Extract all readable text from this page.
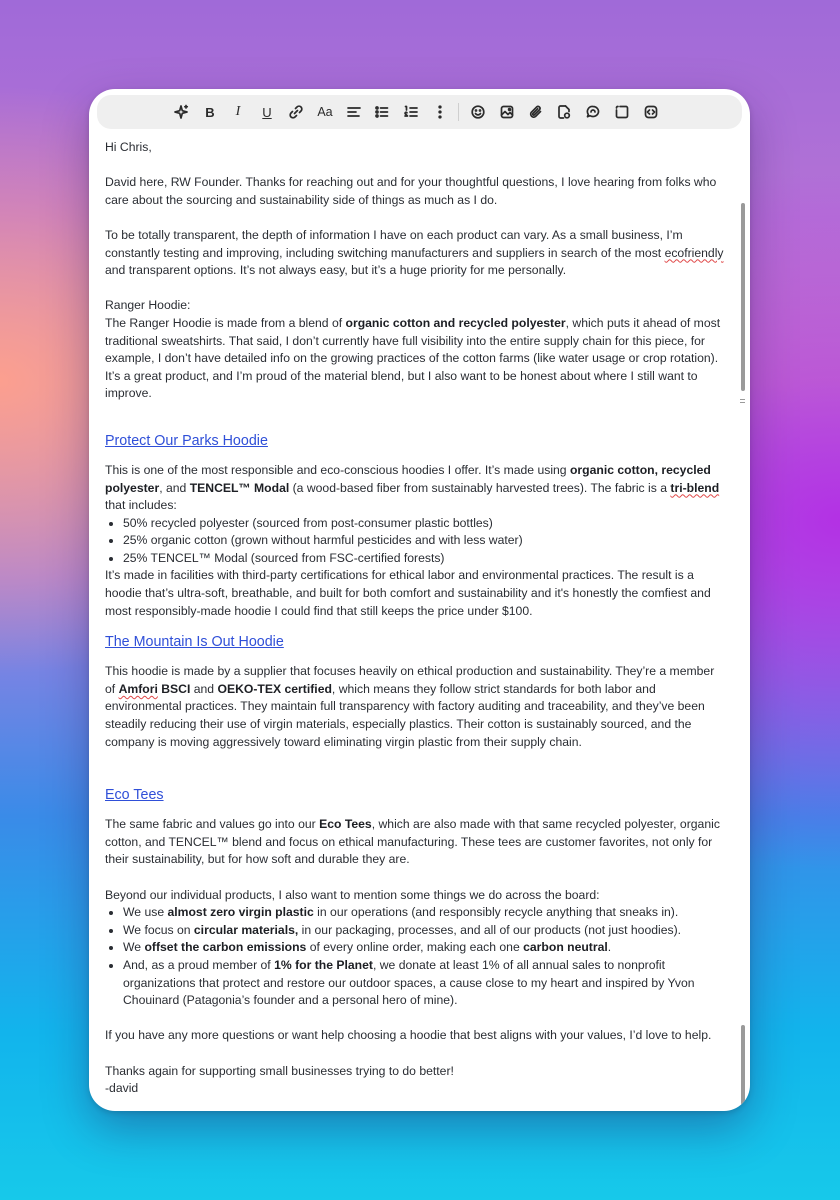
B	I	U	Aa

Hi Chris,

David here, RW Founder. Thanks for reaching out and for your thoughtful questions, I love hearing from folks who care about the sourcing and sustainability side of things as much as I do.

To be totally transparent, the depth of information I have on each product can vary. As a small business, I’m constantly testing and improving, including switching manufacturers and suppliers in search of the most ecofriendly and transparent options. It’s not always easy, but it’s a huge priority for me personally.

Ranger Hoodie:

The Ranger Hoodie is made from a blend of organic cotton and recycled polyester, which puts it ahead of most traditional sweatshirts. That said, I don’t currently have full visibility into the entire supply chain for this piece, for example, I don’t have detailed info on the growing practices of the cotton farms (like water usage or crop rotation). It’s a great product, and I’m proud of the material blend, but I also want to be honest about where I still want to improve.

Protect Our Parks Hoodie

This is one of the most responsible and eco-conscious hoodies I offer. It’s made using organic cotton, recycled polyester, and TENCEL™ Modal (a wood-based fiber from sustainably harvested trees). The fabric is a tri-blend that includes:

• 50% recycled polyester (sourced from post-consumer plastic bottles)
• 25% organic cotton (grown without harmful pesticides and with less water)
• 25% TENCEL™ Modal (sourced from FSC-certified forests)

It’s made in facilities with third-party certifications for ethical labor and environmental practices. The result is a hoodie that’s ultra-soft, breathable, and built for both comfort and sustainability and it's honestly the comfiest and most responsibly-made hoodie I could find that still keeps the price under $100.

The Mountain Is Out Hoodie

This hoodie is made by a supplier that focuses heavily on ethical production and sustainability. They’re a member of Amfori BSCI and OEKO-TEX certified, which means they follow strict standards for both labor and environmental practices. They maintain full transparency with factory auditing and traceability, and they’ve been steadily reducing their use of virgin materials, especially plastics. Their cotton is sustainably sourced, and the company is moving aggressively toward eliminating virgin plastic from their supply chain.

Eco Tees

The same fabric and values go into our Eco Tees, which are also made with that same recycled polyester, organic cotton, and TENCEL™ blend and focus on ethical manufacturing. These tees are customer favorites, not only for their sustainability, but for how soft and durable they are.

Beyond our individual products, I also want to mention some things we do across the board:

• We use almost zero virgin plastic in our operations (and responsibly recycle anything that sneaks in).
• We focus on circular materials, in our packaging, processes, and all of our products (not just hoodies).
• We offset the carbon emissions of every online order, making each one carbon neutral.
• And, as a proud member of 1% for the Planet, we donate at least 1% of all annual sales to nonprofit organizations that protect and restore our outdoor spaces, a cause close to my heart and inspired by Yvon Chouinard (Patagonia’s founder and a personal hero of mine).

If you have any more questions or want help choosing a hoodie that best aligns with your values, I’d love to help.

Thanks again for supporting small businesses trying to do better!

-david
